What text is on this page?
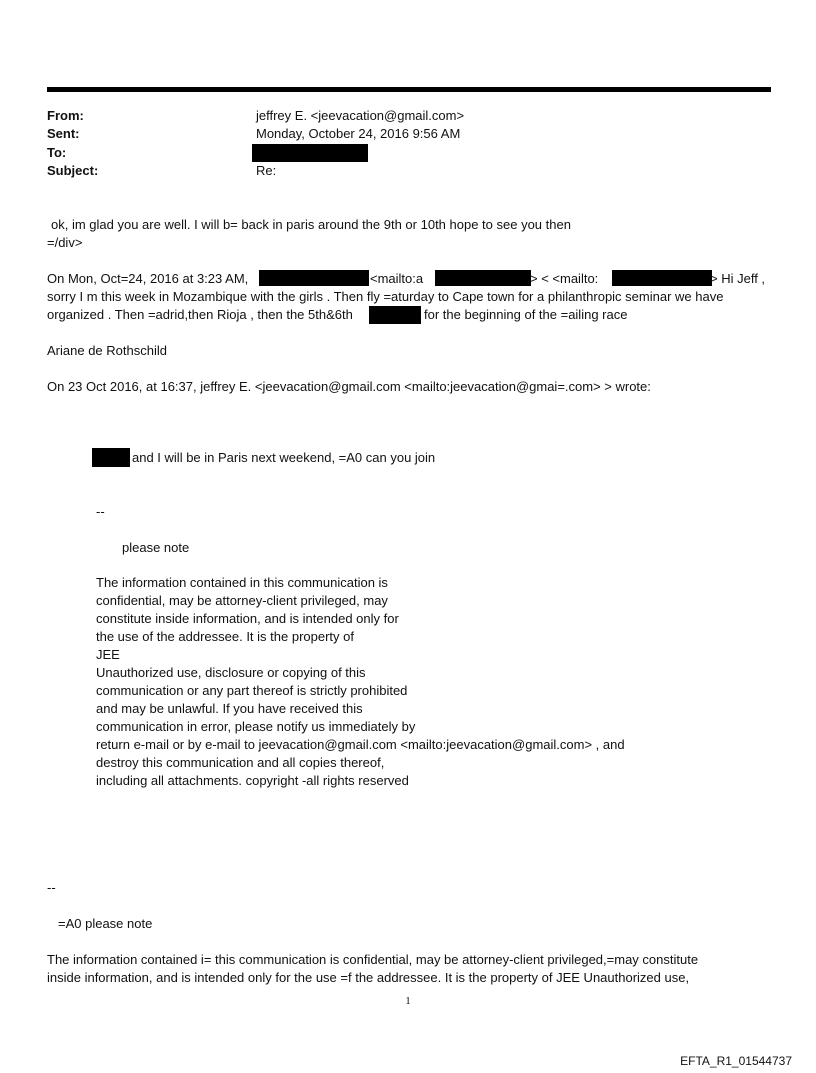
From:	jeffrey E. <jeevacation@gmail.com>
Sent:	Monday, October 24, 2016 9:56 AM
To:
Subject:	Re:
ok, im glad you are well. I will b= back in paris around the 9th or 10th hope to see you then
=/div>
On Mon, Oct=24, 2016 at 3:23 AM,	<mailto:a	> < <mailto:	> Hi Jeff ,
sorry I m this week in Mozambique with the girls . Then fly =aturday to Cape town for a philanthropic seminar we have
organized . Then =adrid,then Rioja , then the 5th&6th	for the beginning of the =ailing race
Ariane de Rothschild
On 23 Oct 2016, at 16:37, jeffrey E. <jeevacation@gmail.com <mailto:jeevacation@gmai=.com> > wrote:
and I will be in Paris next weekend, =A0 can you join
--
please note
The information contained in this communication is
confidential, may be attorney-client privileged, may
constitute inside information, and is intended only for
the use of the addressee. It is the property of
JEE
Unauthorized use, disclosure or copying of this
communication or any part thereof is strictly prohibited
and may be unlawful. If you have received this
communication in error, please notify us immediately by
return e-mail or by e-mail to jeevacation@gmail.com <mailto:jeevacation@gmail.com> , and
destroy this communication and all copies thereof,
including all attachments. copyright -all rights reserved
--
=A0 please note
The information contained i= this communication is confidential, may be attorney-client privileged,=may constitute
inside information, and is intended only for the use =f the addressee. It is the property of JEE Unauthorized use,
1
EFTA_R1_01544737
